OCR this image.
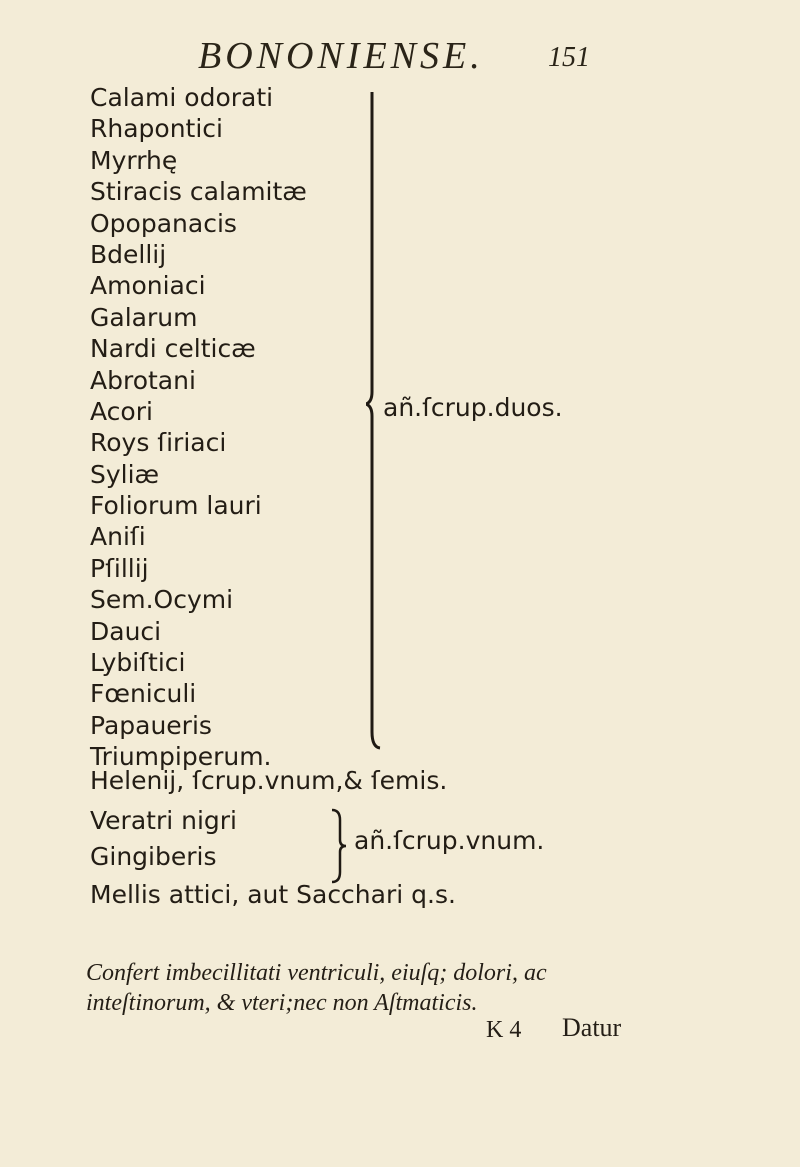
BONONIENSE. 151
Calami odorati
Rhapontici
Myrrhę
Stiracis calamitæ
Opopanacis
Bdellij
Amoniaci
Galarum
Nardi celticæ
Abrotani
Acori
Roys ſiriaci
Syliæ
Foliorum lauri
Aniſi
Pſillij
Sem.Ocymi
Dauci
Lybiſtici
Fœniculi
Papaueris
Triumpiperum.
añ.ſcrup.duos.
Helenij, ſcrup.vnum,& ſemis.
Veratri nigri
Gingiberis
añ.ſcrup.vnum.
Mellis attici, aut Sacchari q.s.
Confert imbecillitati ventriculi, eiuſq; dolori, ac
inteſtinorum, & vteri;nec non Aſtmaticis.
K 4 Datur
